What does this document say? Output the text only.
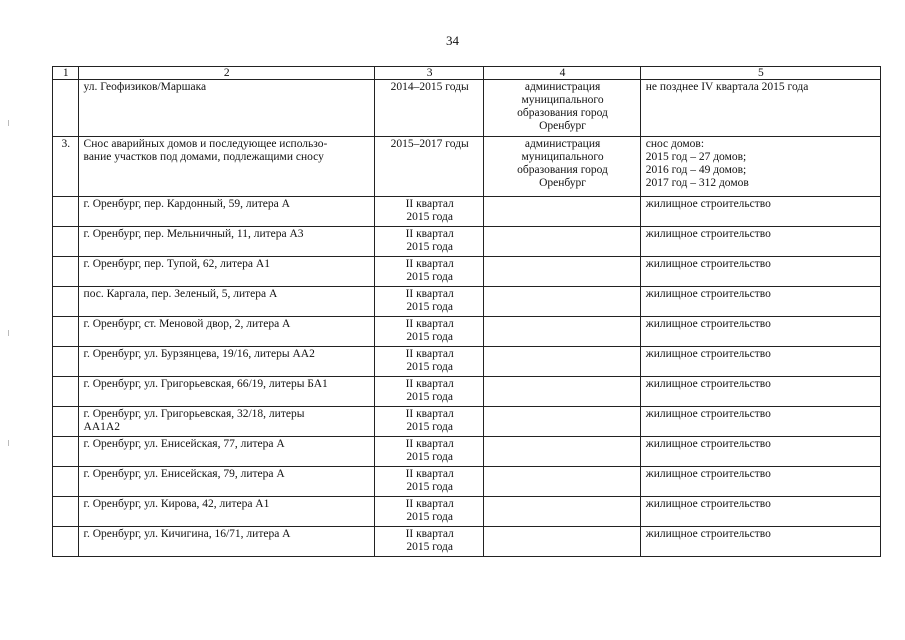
34
1	2	3	4	5
	ул. Геофизиков/Маршака	2014–2015 годы	администрация
муниципального
образования город
Оренбург	не позднее IV квартала 2015 года
3.	Снос аварийных домов и последующее использо-
вание участков под домами, подлежащими сносу	2015–2017 годы	администрация
муниципального
образования город
Оренбург	снос домов:
2015 год – 27 домов;
2016 год – 49 домов;
2017 год – 312 домов

	г. Оренбург, пер. Кардонный, 59, литера А	II квартал
2015 года		жилищное строительство

	г. Оренбург, пер. Мельничный, 11, литера А3	II квартал
2015 года		жилищное строительство

	г. Оренбург, пер. Тупой, 62, литера А1	II квартал
2015 года		жилищное строительство

	пос. Каргала, пер. Зеленый, 5, литера А	II квартал
2015 года		жилищное строительство

	г. Оренбург, ст. Меновой двор, 2, литера А	II квартал
2015 года		жилищное строительство

	г. Оренбург, ул. Бурзянцева, 19/16, литеры АА2	II квартал
2015 года		жилищное строительство

	г. Оренбург, ул. Григорьевская, 66/19, литеры БА1	II квартал
2015 года		жилищное строительство

	г. Оренбург, ул. Григорьевская, 32/18, литеры
АА1А2	II квартал
2015 года		жилищное строительство

	г. Оренбург, ул. Енисейская, 77, литера А	II квартал
2015 года		жилищное строительство

	г. Оренбург, ул. Енисейская, 79, литера А	II квартал
2015 года		жилищное строительство

	г. Оренбург, ул. Кирова, 42, литера А1	II квартал
2015 года		жилищное строительство

	г. Оренбург, ул. Кичигина, 16/71, литера А	II квартал
2015 года		жилищное строительство
